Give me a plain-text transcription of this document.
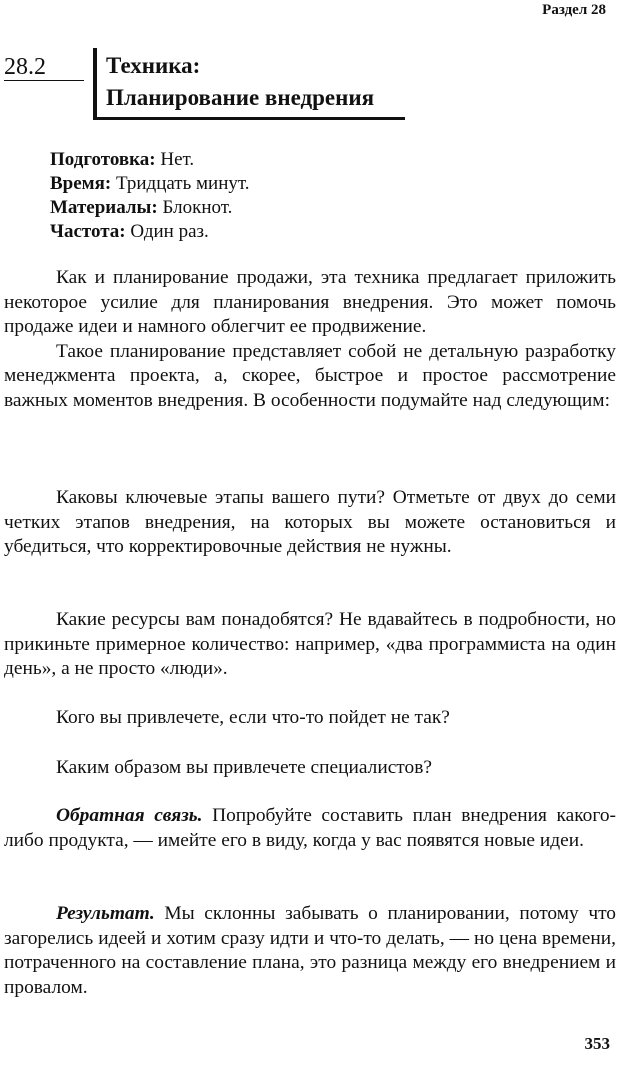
Раздел 28
28.2	Техника:
Планирование внедрения
Подготовка: Нет.
Время: Тридцать минут.
Материалы: Блокнот.
Частота: Один раз.

Как и планирование продажи, эта техника предлагает приложить некоторое усилие для планирования внедрения. Это может помочь продаже идеи и намного облегчит ее продвижение.

Такое планирование представляет собой не детальную разработку менеджмента проекта, а, скорее, быстрое и простое рассмотрение важных моментов внедрения. В особенности подумайте над следующим:

Каковы ключевые этапы вашего пути? Отметьте от двух до семи четких этапов внедрения, на которых вы можете остановиться и убедиться, что корректировочные действия не нужны.

Какие ресурсы вам понадобятся? Не вдавайтесь в подробности, но прикиньте примерное количество: например, «два программиста на один день», а не просто «люди».

Кого вы привлечете, если что-то пойдет не так?

Каким образом вы привлечете специалистов?

Обратная связь. Попробуйте составить план внедрения какого-либо продукта, — имейте его в виду, когда у вас появятся новые идеи.

Результат. Мы склонны забывать о планировании, потому что загорелись идеей и хотим сразу идти и что-то делать, — но цена времени, потраченного на составление плана, это разница между его внедрением и провалом.

353
